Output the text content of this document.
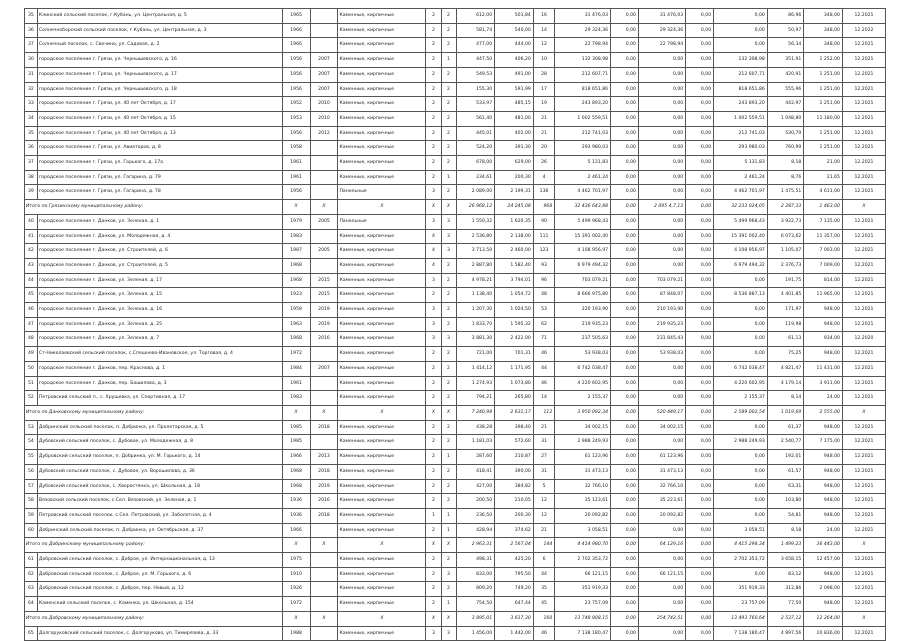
35	Клинский сельский поселок, г.Кубань, ул. Центральная, д. 5	1965		Каменные, кирпичные	2	2	612,00	501,84	16	31 476,03	0,00	31 476,03	0,00	0,00	86,96	348,00	12.2021
36	Солнечноборский сельский поселок, г.Кубань, ул. Центральная, д. 3	1966		Каменные, кирпичные	2	2	581,74	540,00	14	29 324,36	0,00	29 324,36	0,00	0,00	50,97	348,00	12.2022
37	Солнечный поселок, с. Свечино, ул. Садовая, д. 2	1966		Каменные, кирпичные	2	2	477,00	444,00	12	22 798,94	0,00	22 798,94	0,00	0,00	56,34	348,00	12.2021
30	городское поселение г. Грязи, ул. Чернышевского, д. 16	1956	2007	Каменные, кирпичные	2	1	447,50	406,20	10	132 308,98	0,00	0,00	0,00	132 308,98	351,91	1 252,00	12.2021
31	городское поселение г. Грязи, ул. Чернышевского, д. 17	1956	2007	Каменные, кирпичные	2	2	549,53	491,00	28	212 607,71	0,00	0,00	0,00	212 607,71	420,91	1 251,00	12.2021
32	городское поселение г. Грязи, ул. Чернышевского, д. 18	1956	2007	Каменные, кирпичные	2	2	155,30	591,99	17	818 651,86	0,00	0,00	0,00	818 651,86	555,96	1 251,00	12.2021
33	городское поселение г. Грязи, ул. 40 лет Октября, д. 17	1952	2010	Каменные, кирпичные	2	2	533,97	485,15	19	243 893,20	0,00	0,00	0,00	243 893,20	442,97	1 251,00	12.2021
34	городское поселение г. Грязи, ул. 40 лет Октября, д. 15	1953	2010	Каменные, кирпичные	2	2	561,40	481,00	21	1 002 559,51	0,00	0,00	0,00	1 002 559,51	1 048,80	11 180,00	12.2021
35	городское поселение г. Грязи, ул. 40 лет Октября, д. 13	1956	2012	Каменные, кирпичные	2	2	445,01	402,00	21	212 741,03	0,00	0,00	0,00	212 741,03	530,79	1 251,00	12.2021
36	городское поселение г. Грязи, ул. Авиаторов, д. 8	1958		Каменные, кирпичные	2	2	524,20	391,30	20	293 980,03	0,00	0,00	0,00	293 980,03	760,99	1 251,00	12.2021
37	городское поселение г. Грязи, ул. Горького, д. 17а	1961		Каменные, кирпичные	2	2	678,00	629,00	26	5 131,83	0,00	0,00	0,00	5 131,83	8,18	21,00	12.2021
38	городское поселение г. Грязи, ул. Гагарина, д. 79	1961		Каменные, кирпичные	2	1	234,61	200,30	4	2 461,24	0,00	0,00	0,00	2 461,24	8,76	21,65	12.2021
39	городское поселение г. Грязи, ул. Гагарина, д. 78	1956		Панельные	3	2	2 089,00	2 199,31	136	4 462 701,97	0,00	0,00	0,00	4 462 701,97	1 475,51	4 611,00	12.2021
Итого по Грязинскому муниципальному району:		X	X	X	X	X	26 968,12	24 245,08	968	32 436 643,88	0,00	2 095 4,7,13	0,00	32 233 024,05	2 287,33	1 463,00	X
40	городское поселение г. Данков, ул. Зеленая, д. 1	1979	2005	Панельные	3	3	1 550,32	1 620,35	90	5 499 968,43	0,00	0,00	0,00	5 499 968,43	3 922,73	7 135,00	12.2021
41	городское поселение г. Данков, ул. Молодежная, д. 4	1983		Каменные, кирпичные	4	3	2 536,80	2 138,00	111	15 391 002,40	0,00	0,00	0,00	15 391 002,40	6 073,62	11 357,00	12.2021
42	городское поселение г. Данков, ул. Строителей, д. 6	1987	2005	Каменные, кирпичные	4	3	3 713,50	2 460,00	123	4 108 956,97	0,00	0,00	0,00	4 108 956,97	1 105,07	7 003,00	12.2021
43	городское поселение г. Данков, ул. Строителей, д. 5	1968		Каменные, кирпичные	4	2	2 887,80	1 582,40	93	6 979 494,32	0,00	0,00	0,00	6 979 494,32	2 376,73	7 009,00	12.2021
44	городское поселение г. Данков, ул. Зеленая, д. 17	1968	2015	Каменные, кирпичные	3	2	4 978,21	3 794,01	96	703 079,21	0,00	703 079,21	0,00	0,00	191,75	814,00	12.2021
45	городское поселение г. Данков, ул. Зеленая, д. 15	1923	2015	Каменные, кирпичные	2	2	1 138,40	1 054,72	48	8 666 975,80	0,00	87 848,07	0,00	8 536 887,13	4 401,85	11 965,00	12.2021
46	городское поселение г. Данков, ул. Зеленая, д. 16	1959	2019	Каменные, кирпичные	3	2	1 207,30	1 024,50	53	220 193,90	0,00	210 193,90	0,00	0,00	171,97	948,00	12.2021
47	городское поселение г. Данков, ул. Зеленая, д. 25	1963	2019	Каменные, кирпичные	3	2	1 833,70	1 595,32	62	219 935,23	0,00	219 935,23	0,00	0,00	119,98	948,00	12.2021
48	городское поселение г. Данков, ул. Зеленая, д. 7	1968	2016	Каменные, кирпичные	3	3	3 881,30	2 422,00	71	237 505,63	0,00	231 845,43	0,00	0,00	61,13	934,00	12.2020
49	Ст-Николаевский сельский поселок, с.Спешнево-Ивановское, ул. Торговая, д. 4	1972		Каменные, кирпичные	2	2	721,00	701,31	46	53 938,03	0,00	53 938,03	0,00	0,00	75,25	948,00	12.2021
50	городское поселение г. Данков, пер. Краснова, д. 1	1984	2007	Каменные, кирпичные	2	2	1 414,12	1 171,95	44	6 742 038,47	0,00	0,00	0,00	6 742 038,47	4 821,47	11 431,00	12.2021
51	городское поселение г. Данков, пер. Башилова, д. 3	1961		Каменные, кирпичные	2	2	1 274,93	1 073,80	46	4 220 602,95	0,00	0,00	0,00	4 220 602,95	4 179,14	3 911,00	12.2021
52	Петровский сельский п., с. Хрущевка, ул. Спортивная, д. 17	1983		Каменные, кирпичные	2	2	794,21	265,80	14	2 155,37	0,00	0,00	0,00	2 155,37	8,14	24,00	12.2021
Итого по Данковскому муниципальному району:		X	X	X	X	X	7 240,98	2 631,17	112	3 950 092,34	0,00	520 449,17	0,00	2 589 002,54	1 019,69	2 555,00	X
53	Добринский сельский поселок, п. Добринка, ул. Пролетарская, д. 5	1985	2018	Каменные, кирпичные	2	2	438,28	398,40	21	34 002,15	0,00	34 002,15	0,00	0,00	61,37	948,00	12.2021
54	Дубовский сельский поселок, с. Дубовое, ул. Молодежная, д. 8	1985		Каменные, кирпичные	2	2	1 181,03	572,60	31	2 988 249,93	0,00	0,00	0,00	2 988 249,93	2 540,77	7 175,00	12.2021
55	Дубровский сельский поселок, п. Добринка, ул. М. Горького, д. 14	1966	2013	Каменные, кирпичные	2	1	287,60	210,87	27	61 123,96	0,00	61 123,96	0,00	0,00	192,01	948,00	12.2021
56	Дубовский сельский поселок, с. Дубовое, ул. Ворошилова, д. 36	1968	2018	Каменные, кирпичные	2	2	418,41	390,00	31	31 473,13	0,00	31 473,13	0,00	0,00	61,57	948,00	12.2021
57	Дубовский сельский поселок, с. Хворостянка, ул. Школьная, д. 18	1968	2019	Каменные, кирпичные	2	2	427,00	384,82	5	32 766,10	0,00	32 766,10	0,00	0,00	63,31	948,00	12.2021
58	Вязовский сельский поселок, с.Сел. Вязовский, ул. Зеленая, д. 1	1936	2016	Каменные, кирпичные	2	2	200,50	210,05	12	35 123,61	0,00	35 223,61	0,00	0,00	103,80	948,00	12.2021
59	Петровский сельский поселок, с.Сел. Петровский, ул. Заболотная, д. 4	1936	2018	Каменные, кирпичные	1	1	236,50	200,30	12	20 092,82	0,00	20 092,82	0,00	0,00	54,81	948,00	12.2021
60	Добринский сельский поселок, п. Добринка, ул. Октябрьская, д. 37	1966		Каменные, кирпичные	2	1	428,94	374,62	21	3 058,51	0,00	0,00	0,00	3 058,51	8,18	24,00	12.2021
Итого по Добринскому муниципальному району:		X	X	X	X	X	2 963,31	2 567,04	144	4 414 980,70	0,00	64 129,16	0,00	4 415 298,34	1 499,23	36 443,00	X
61	Добровский сельский поселок, с. Доброе, ул. Интернациональная, д. 13	1975		Каменные, кирпичные	2	2	498,31	425,20	6	2 702 353,72	0,00	0,00	0,00	2 702 353,72	3 658,15	12 457,00	12.2021
62	Добровский сельский поселок, с. Доброе, ул. М. Горького, д. 6	1910		Каменные, кирпичные	2	3	833,00	795,50	44	66 121,15	0,00	66 121,15	0,00	0,00	83,12	948,00	12.2021
63	Добровский сельский поселок, с. Доброе, пер. Новый, д. 12	1926		Каменные, кирпичные	2	2	809,20	749,20	35	351 919,33	0,00	0,00	0,00	351 919,33	312,86	2 098,00	12.2021
64	Каменский сельский поселок, с. Каменка, ул. Школьная, д. 154	1972		Каменные, кирпичные	2	1	754,50	647,44	45	23 757,09	0,00	0,00	0,00	23 757,09	77,50	948,00	12.2021
Итого по Добровскому муниципальному району:		X	X	X	X	X	3 895,01	3 617,30	160	13 748 908,15	0,00	254 742,51	0,00	13 493 760,64	2 537,12	12 264,00	X
65	Долгоруковский сельский поселок, с. Долгоруково, ул. Тимирязева, д. 33	1988		Каменные, кирпичные	3	3	1 456,00	1 442,00	46	7 138 180,47	0,00	0,00	0,00	7 138 180,47	4 897,56	10 836,00	12.2021
